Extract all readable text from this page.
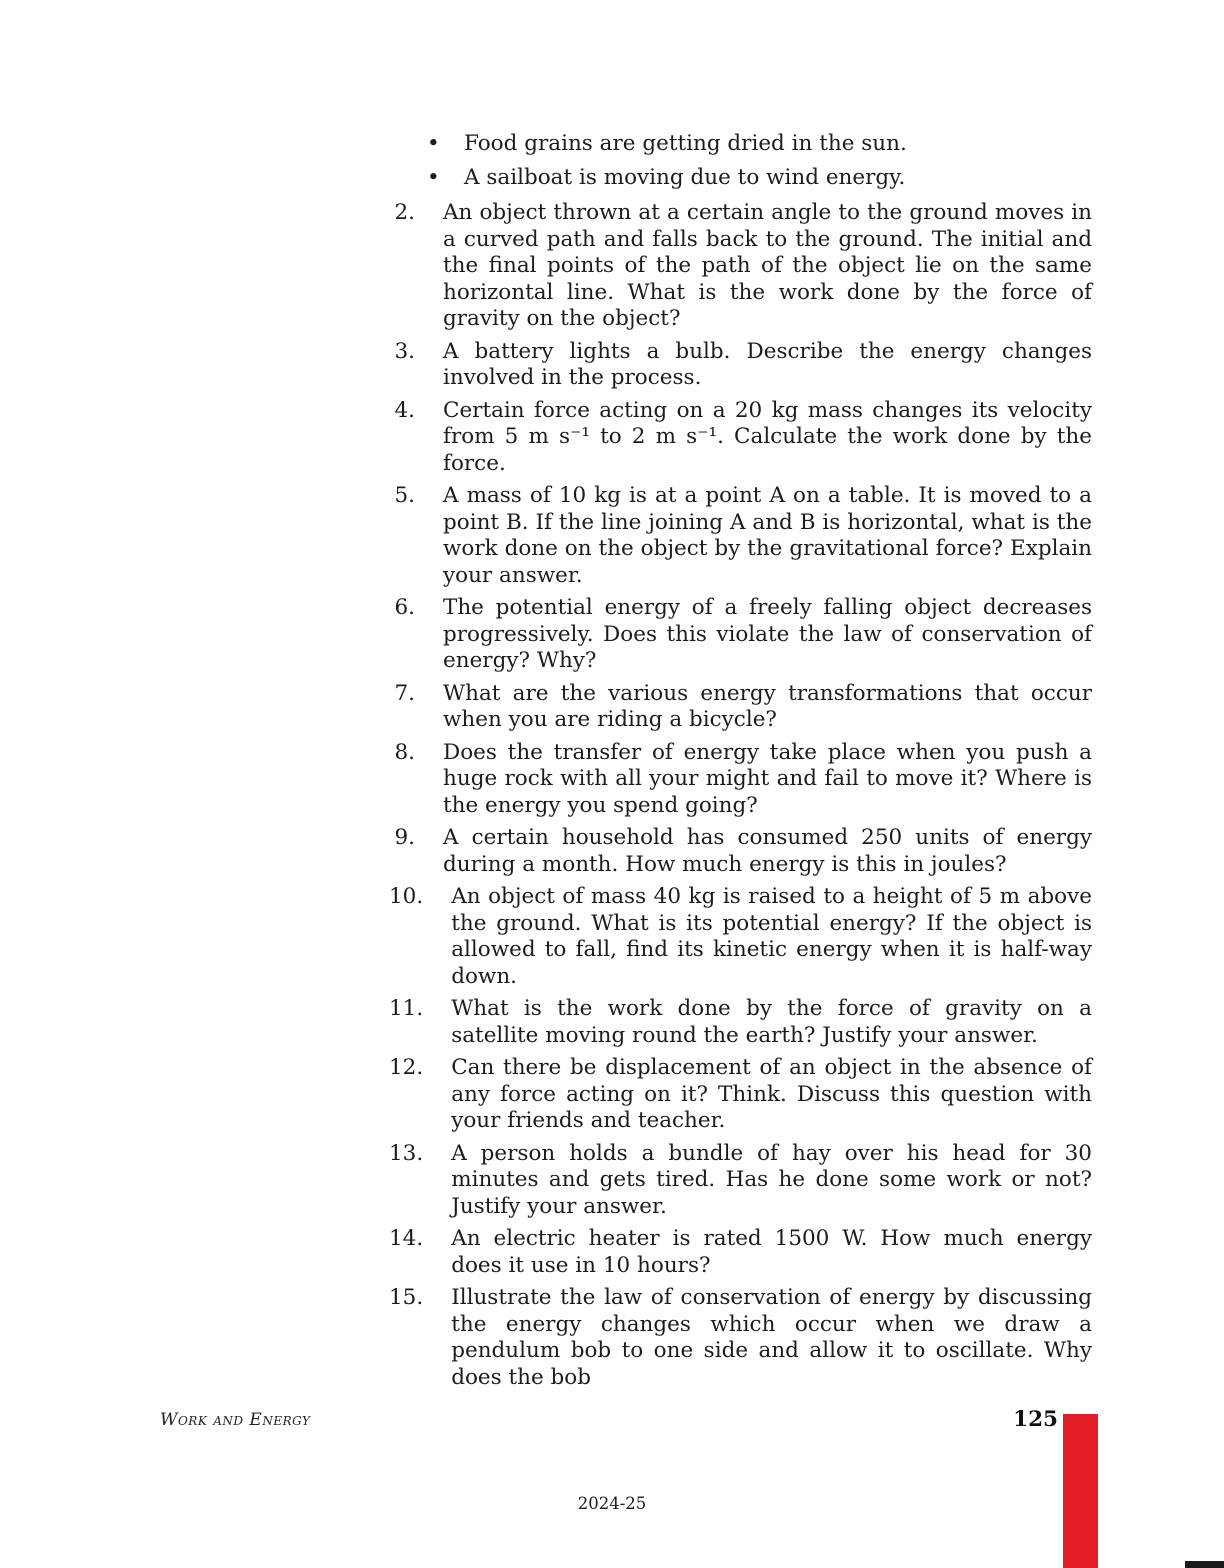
•	Food grains are getting dried in the sun.
•	A sailboat is moving due to wind energy.
2.	An object thrown at a certain angle to the ground moves in a curved path and falls back to the ground. The initial and the final points of the path of the object lie on the same horizontal line. What is the work done by the force of gravity on the object?
3.	A battery lights a bulb. Describe the energy changes involved in the process.
4.	Certain force acting on a 20 kg mass changes its velocity from 5 m s⁻¹ to 2 m s⁻¹. Calculate the work done by the force.
5.	A mass of 10 kg is at a point A on a table. It is moved to a point B. If the line joining A and B is horizontal, what is the work done on the object by the gravitational force? Explain your answer.
6.	The potential energy of a freely falling object decreases progressively. Does this violate the law of conservation of energy? Why?
7.	What are the various energy transformations that occur when you are riding a bicycle?
8.	Does the transfer of energy take place when you push a huge rock with all your might and fail to move it? Where is the energy you spend going?
9.	A certain household has consumed 250 units of energy during a month. How much energy is this in joules?
10.	An object of mass 40 kg is raised to a height of 5 m above the ground. What is its potential energy? If the object is allowed to fall, find its kinetic energy when it is half-way down.
11.	What is the work done by the force of gravity on a satellite moving round the earth? Justify your answer.
12.	Can there be displacement of an object in the absence of any force acting on it? Think. Discuss this question with your friends and teacher.
13.	A person holds a bundle of hay over his head for 30 minutes and gets tired. Has he done some work or not? Justify your answer.
14.	An electric heater is rated 1500 W. How much energy does it use in 10 hours?
15.	Illustrate the law of conservation of energy by discussing the energy changes which occur when we draw a pendulum bob to one side and allow it to oscillate. Why does the bob
Work and Energy	125
2024-25
